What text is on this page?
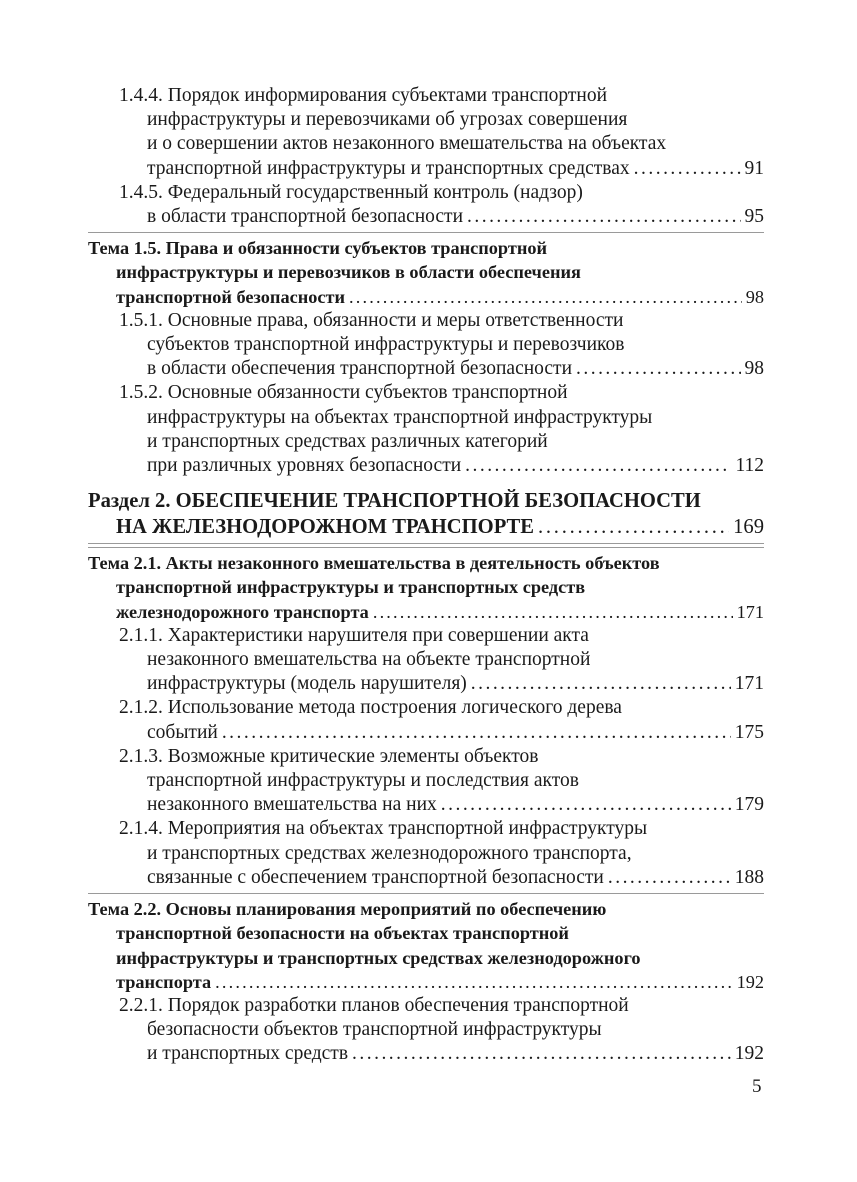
1.4.4. Порядок информирования субъектами транспортной
инфраструктуры и перевозчиками об угрозах совершения
и о совершении актов незаконного вмешательства на объектах
транспортной инфраструктуры и транспортных средствах . . .	91
1.4.5. Федеральный государственный контроль (надзор)
в области транспортной безопасности . . .	95
Тема 1.5. Права и обязанности субъектов транспортной
инфраструктуры и перевозчиков в области обеспечения
транспортной безопасности . . .	98
1.5.1. Основные права, обязанности и меры ответственности
субъектов транспортной инфраструктуры и перевозчиков
в области обеспечения транспортной безопасности . . .	98
1.5.2. Основные обязанности субъектов транспортной
инфраструктуры на объектах транспортной инфраструктуры
и транспортных средствах различных категорий
при различных уровнях безопасности . . .	112
Раздел 2. ОБЕСПЕЧЕНИЕ ТРАНСПОРТНОЙ БЕЗОПАСНОСТИ
НА ЖЕЛЕЗНОДОРОЖНОМ ТРАНСПОРТЕ . . .	169
Тема 2.1. Акты незаконного вмешательства в деятельность объектов
транспортной инфраструктуры и транспортных средств
железнодорожного транспорта . . .	171
2.1.1. Характеристики нарушителя при совершении акта
незаконного вмешательства на объекте транспортной
инфраструктуры (модель нарушителя) . . .	171
2.1.2. Использование метода построения логического дерева
событий . . .	175
2.1.3. Возможные критические элементы объектов
транспортной инфраструктуры и последствия актов
незаконного вмешательства на них . . .	179
2.1.4. Мероприятия на объектах транспортной инфраструктуры
и транспортных средствах железнодорожного транспорта,
связанные с обеспечением транспортной безопасности . . .	188
Тема 2.2. Основы планирования мероприятий по обеспечению
транспортной безопасности на объектах транспортной
инфраструктуры и транспортных средствах железнодорожного
транспорта . . .	192
2.2.1. Порядок разработки планов обеспечения транспортной
безопасности объектов транспортной инфраструктуры
и транспортных средств . . .	192
5
